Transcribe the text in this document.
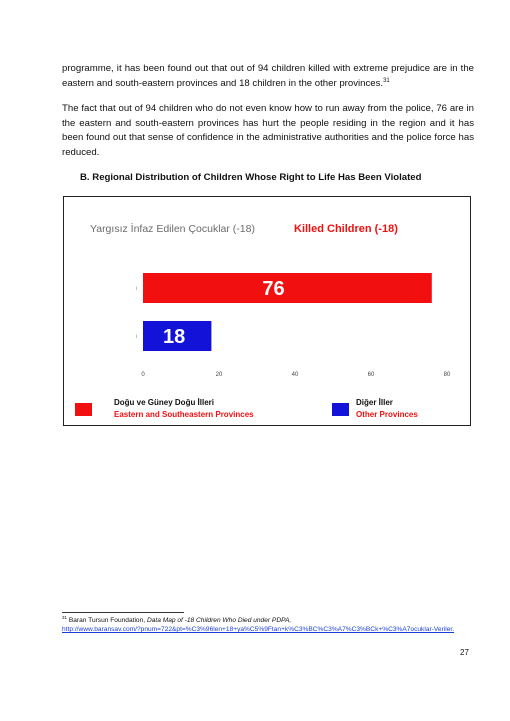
programme, it has been found out that out of 94 children killed with extreme prejudice are in the eastern and south-eastern provinces and 18 children in the other provinces.$^{31}$

The fact that out of 94 children who do not even know how to run away from the police, 76 are in the eastern and south-eastern provinces has hurt the people residing in the region and it has been found out that sense of confidence in the administrative authorities and the police force has reduced.

B. Regional Distribution of Children Whose Right to Life Has Been Violated

Yargısız İnfaz Edilen Çocuklar (-18)	Killed Children (-18)
76
i
18
i
0	20	40	60	80
Doğu ve Güney Doğu İlleri
Eastern and Southeastern Provinces
Diğer İller
Other Provinces

$^{31}$ Baran Tursun Foundation, Data Map of -18 Children Who Died under PDPA,
http://www.baransav.com/?pnum=722&pt=%C3%96len+18+ya%C5%9Ftan+k%C3%BC%C3%A7%C3%BCk+%C3%A7ocuklar-Veriler.

27
